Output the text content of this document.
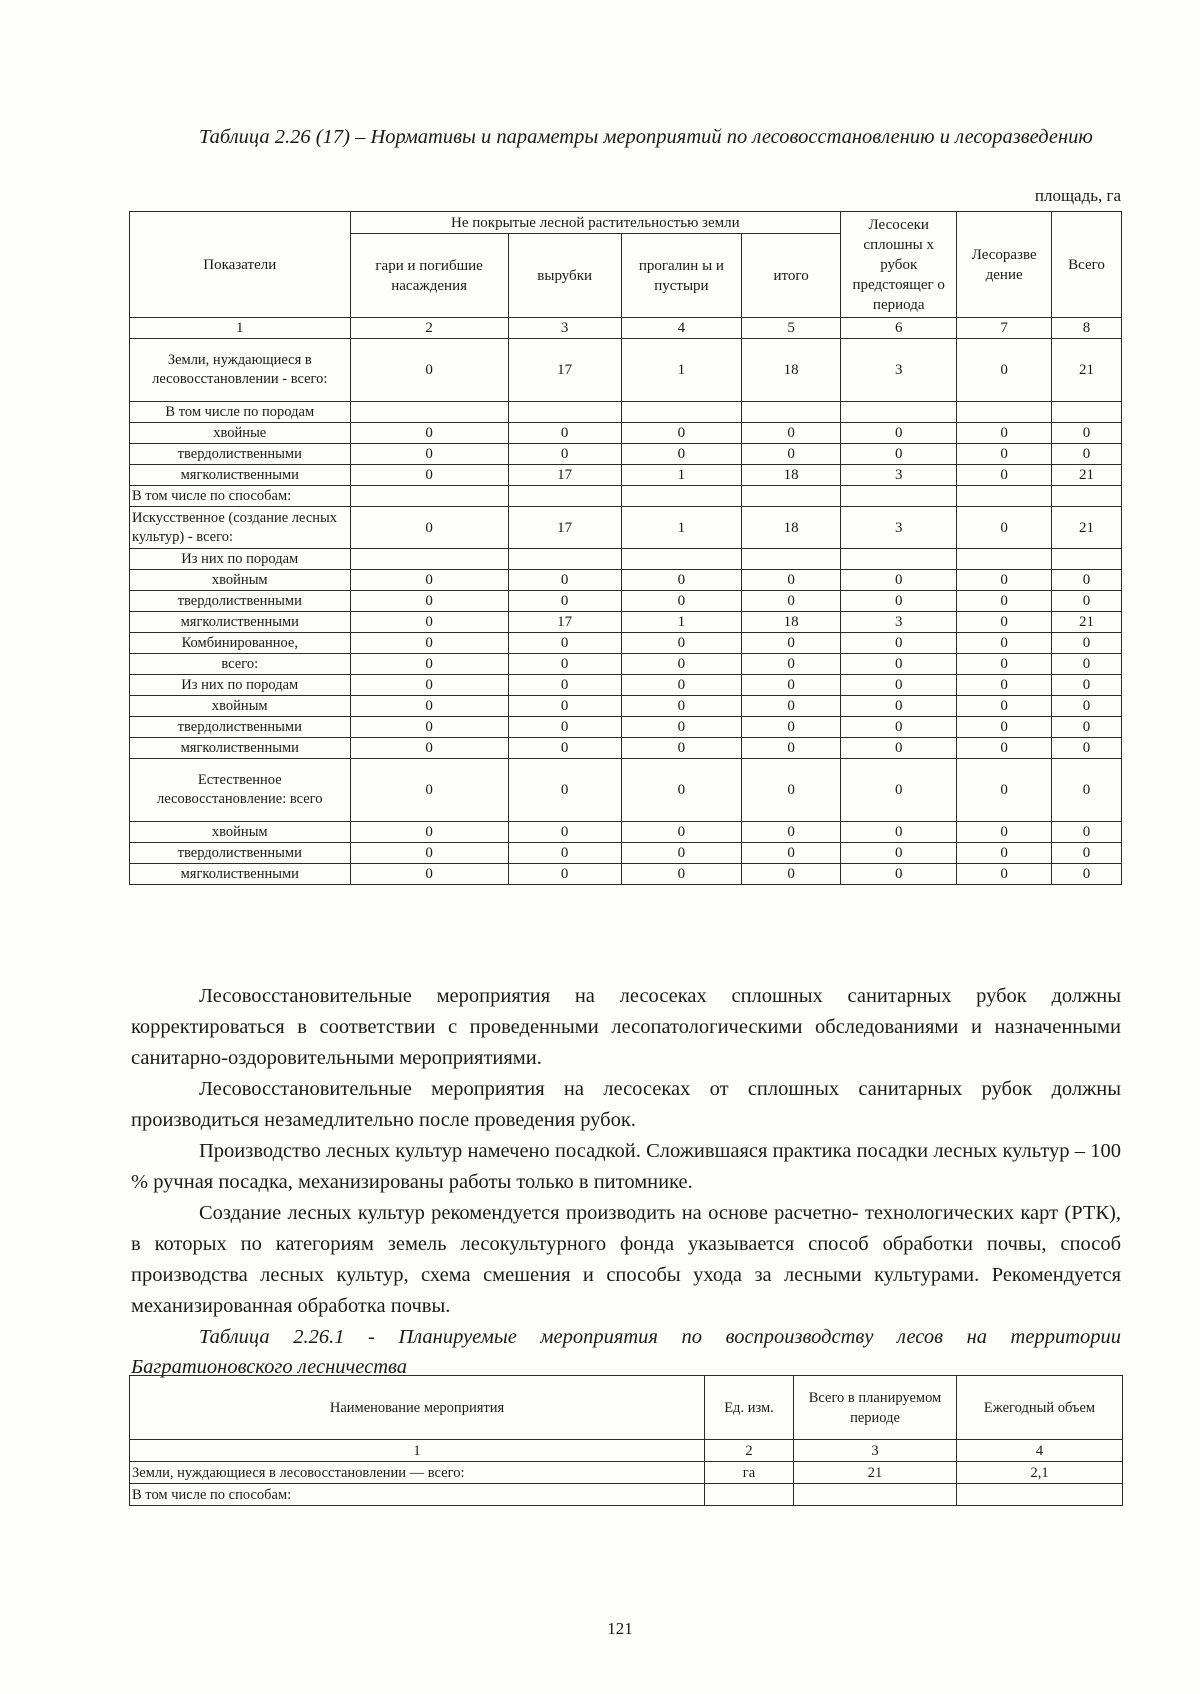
Таблица 2.26 (17) – Нормативы и параметры мероприятий по лесовосстановлению и лесоразведению
площадь, га
Показатели	Не покрытые лесной растительностью земли				Лесосеки сплошны х рубок предстоящег о периода	Лесоразве дение	Всего
	гари и погибшие насаждения	вырубки	прогалин ы и пустыри	итого			
1	2	3	4	5	6	7	8
Земли, нуждающиеся в лесовосстановлении - всего:	0	17	1	18	3	0	21
В том числе по породам							
хвойные	0	0	0	0	0	0	0
твердолиственными	0	0	0	0	0	0	0
мягколиственными	0	17	1	18	3	0	21
В том числе по способам:							
Искусственное (создание лесных культур) - всего:	0	17	1	18	3	0	21
Из них по породам							
хвойным	0	0	0	0	0	0	0
твердолиственными	0	0	0	0	0	0	0
мягколиственными	0	17	1	18	3	0	21
Комбинированное,	0	0	0	0	0	0	0
всего:	0	0	0	0	0	0	0
Из них по породам	0	0	0	0	0	0	0
хвойным	0	0	0	0	0	0	0
твердолиственными	0	0	0	0	0	0	0
мягколиственными	0	0	0	0	0	0	0
Естественное лесовосстановление: всего	0	0	0	0	0	0	0
хвойным	0	0	0	0	0	0	0
твердолиственными	0	0	0	0	0	0	0
мягколиственными	0	0	0	0	0	0	0

Лесовосстановительные мероприятия на лесосеках сплошных санитарных рубок должны корректироваться в соответствии с проведенными лесопатологическими обследованиями и назначенными санитарно-оздоровительными мероприятиями.

Лесовосстановительные мероприятия на лесосеках от сплошных санитарных рубок должны производиться незамедлительно после проведения рубок.

Производство лесных культур намечено посадкой. Сложившаяся практика посадки лесных культур – 100 % ручная посадка, механизированы работы только в питомнике.

Создание лесных культур рекомендуется производить на основе расчетно- технологических карт (РТК), в которых по категориям земель лесокультурного фонда указывается способ обработки почвы, способ производства лесных культур, схема смешения и способы ухода за лесными культурами. Рекомендуется механизированная обработка почвы.

Таблица 2.26.1 - Планируемые мероприятия по воспроизводству лесов на территории Багратионовского лесничества
Наименование мероприятия	Ед. изм.	Всего в планируемом периоде	Ежегодный объем
1	2	3	4
Земли, нуждающиеся в лесовосстановлении — всего:	га	21	2,1
В том числе по способам:			
121
